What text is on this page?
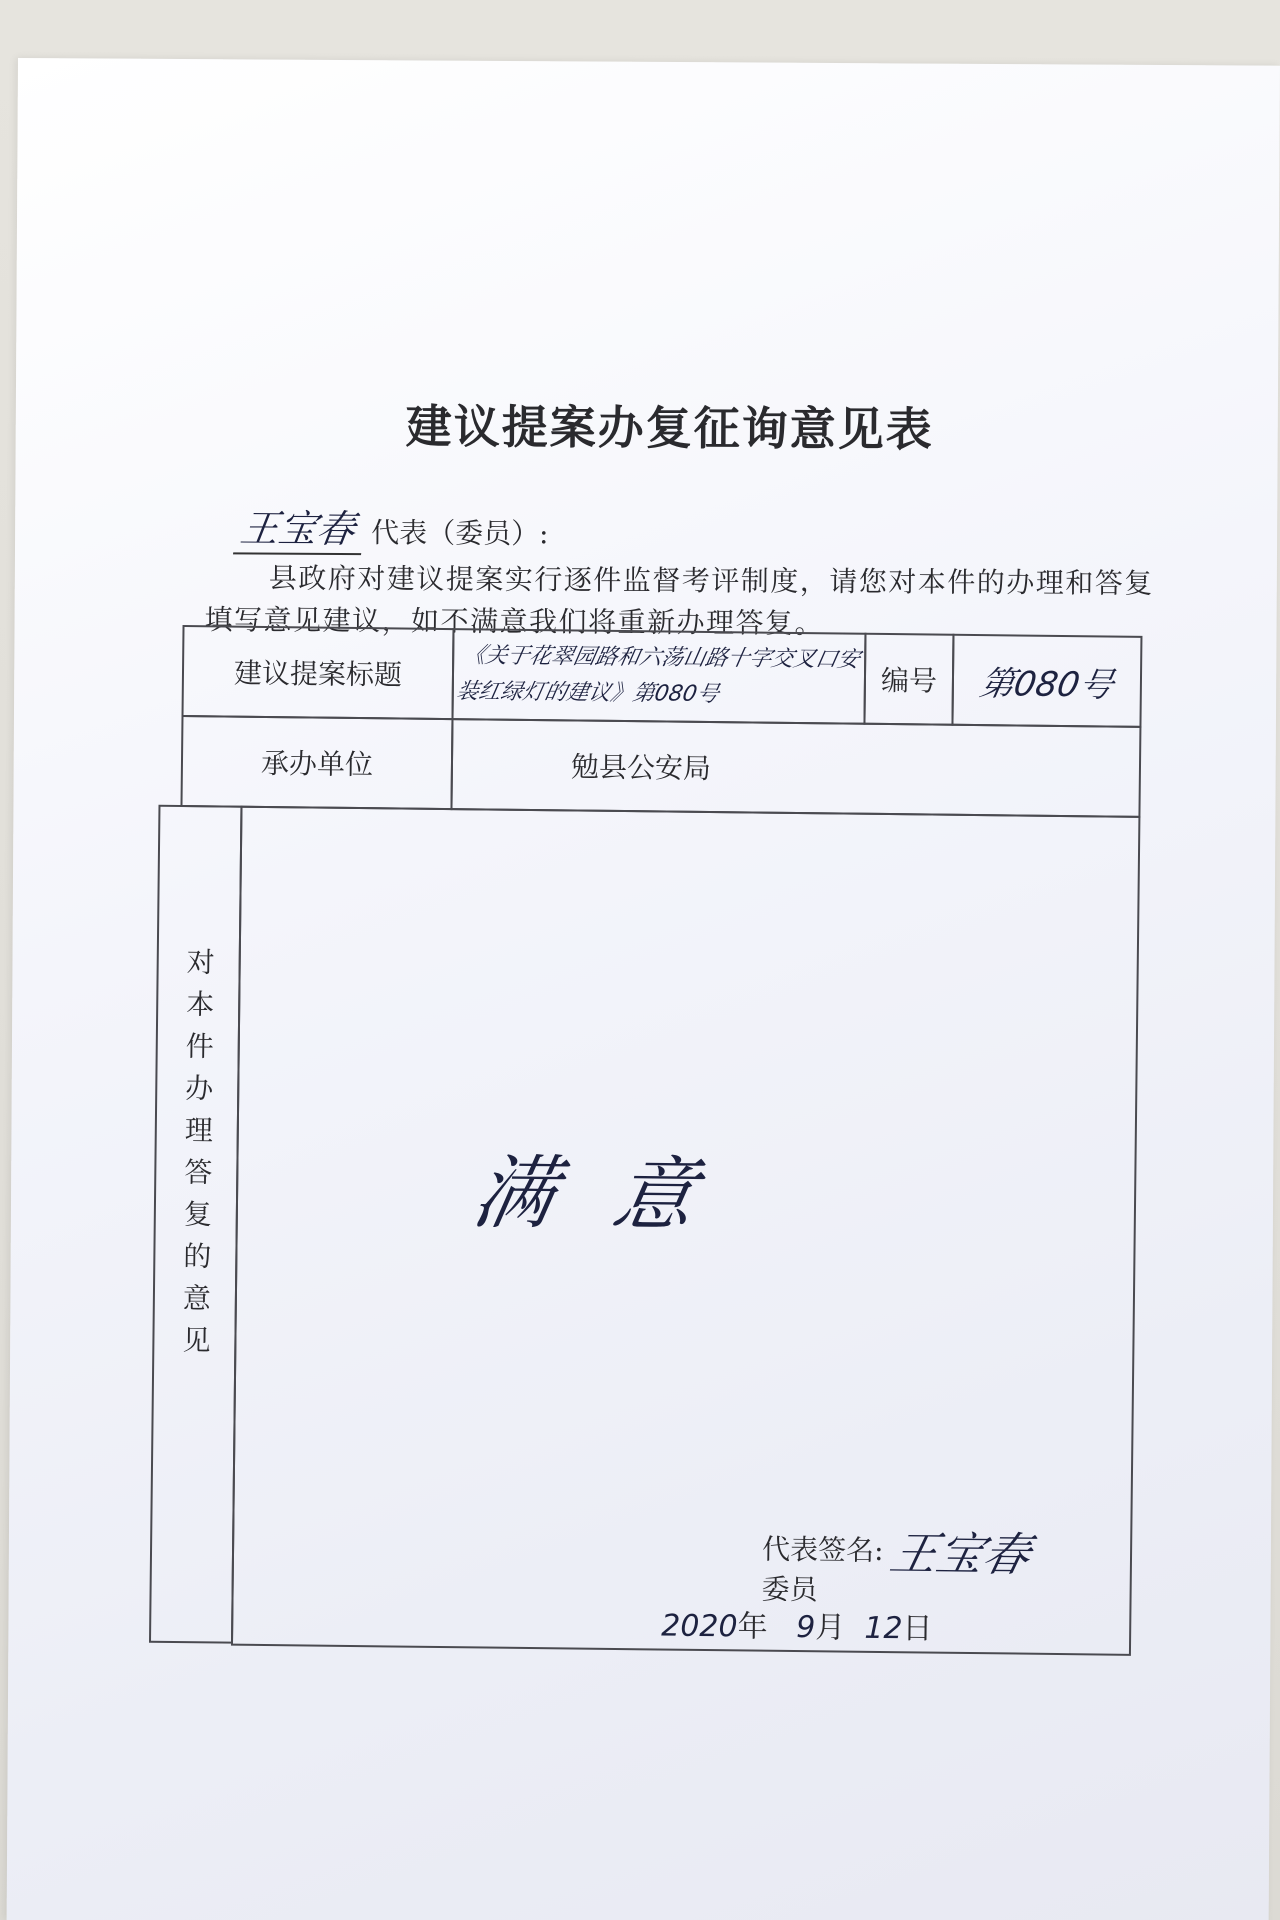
建议提案办复征询意见表
王宝春 代表（委员）:
县政府对建议提案实行逐件监督考评制度，请您对本件的办理和答复填写意见建议，如不满意我们将重新办理答复。
建议提案标题	《关于花翠园路和六荡山路十字交叉口安装红绿灯的建议》第080号	编号 第080号
承办单位	勉县公安局
对本件办理答复的意见	满意
代表签名:
委员
王宝春
2020年 9月 12日
